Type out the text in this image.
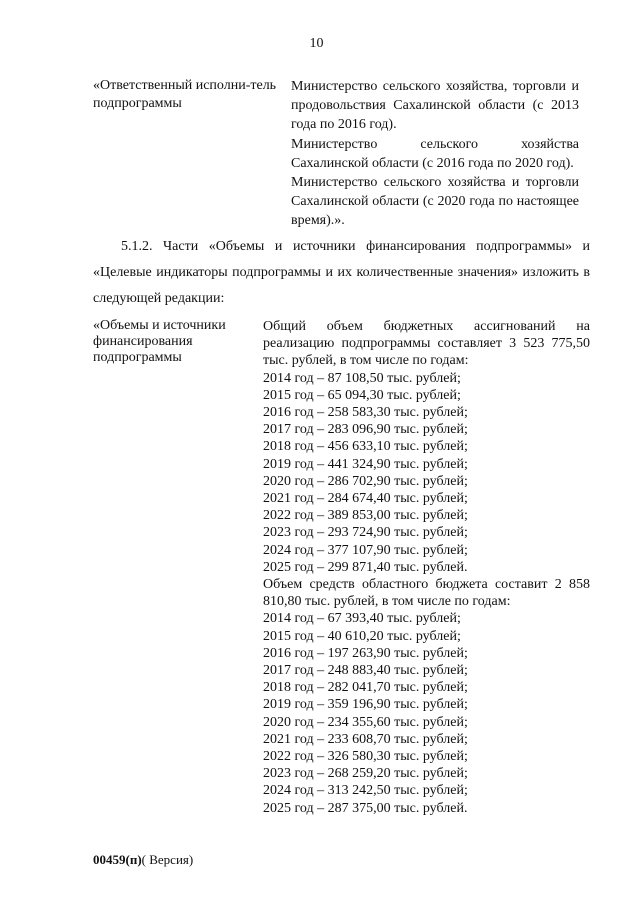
10
«Ответственный исполни-тель подпрограммы

Министерство сельского хозяйства, торговли и продовольствия Сахалинской области (с 2013 года по 2016 год).

Министерство сельского хозяйства Сахалинской области (с 2016 года по 2020 год).

Министерство сельского хозяйства и торговли Сахалинской области (с 2020 года по настоящее время).».

5.1.2. Части «Объемы и источники финансирования подпрограммы» и «Целевые индикаторы подпрограммы и их количественные значения» изложить в следующей редакции:

«Объемы и источники финансирования подпрограммы

Общий объем бюджетных ассигнований на реализацию подпрограммы составляет 3 523 775,50 тыс. рублей, в том числе по годам:

2014 год – 87 108,50 тыс. рублей;
2015 год – 65 094,30 тыс. рублей;
2016 год – 258 583,30 тыс. рублей;
2017 год – 283 096,90 тыс. рублей;
2018 год – 456 633,10 тыс. рублей;
2019 год – 441 324,90 тыс. рублей;
2020 год – 286 702,90 тыс. рублей;
2021 год – 284 674,40 тыс. рублей;
2022 год – 389 853,00 тыс. рублей;
2023 год – 293 724,90 тыс. рублей;
2024 год – 377 107,90 тыс. рублей;
2025 год – 299 871,40 тыс. рублей.

Объем средств областного бюджета составит 2 858 810,80 тыс. рублей, в том числе по годам:

2014 год – 67 393,40 тыс. рублей;
2015 год – 40 610,20 тыс. рублей;
2016 год – 197 263,90 тыс. рублей;
2017 год – 248 883,40 тыс. рублей;
2018 год – 282 041,70 тыс. рублей;
2019 год – 359 196,90 тыс. рублей;
2020 год – 234 355,60 тыс. рублей;
2021 год – 233 608,70 тыс. рублей;
2022 год – 326 580,30 тыс. рублей;
2023 год – 268 259,20 тыс. рублей;
2024 год – 313 242,50 тыс. рублей;
2025 год – 287 375,00 тыс. рублей.
00459(п)( Версия)
